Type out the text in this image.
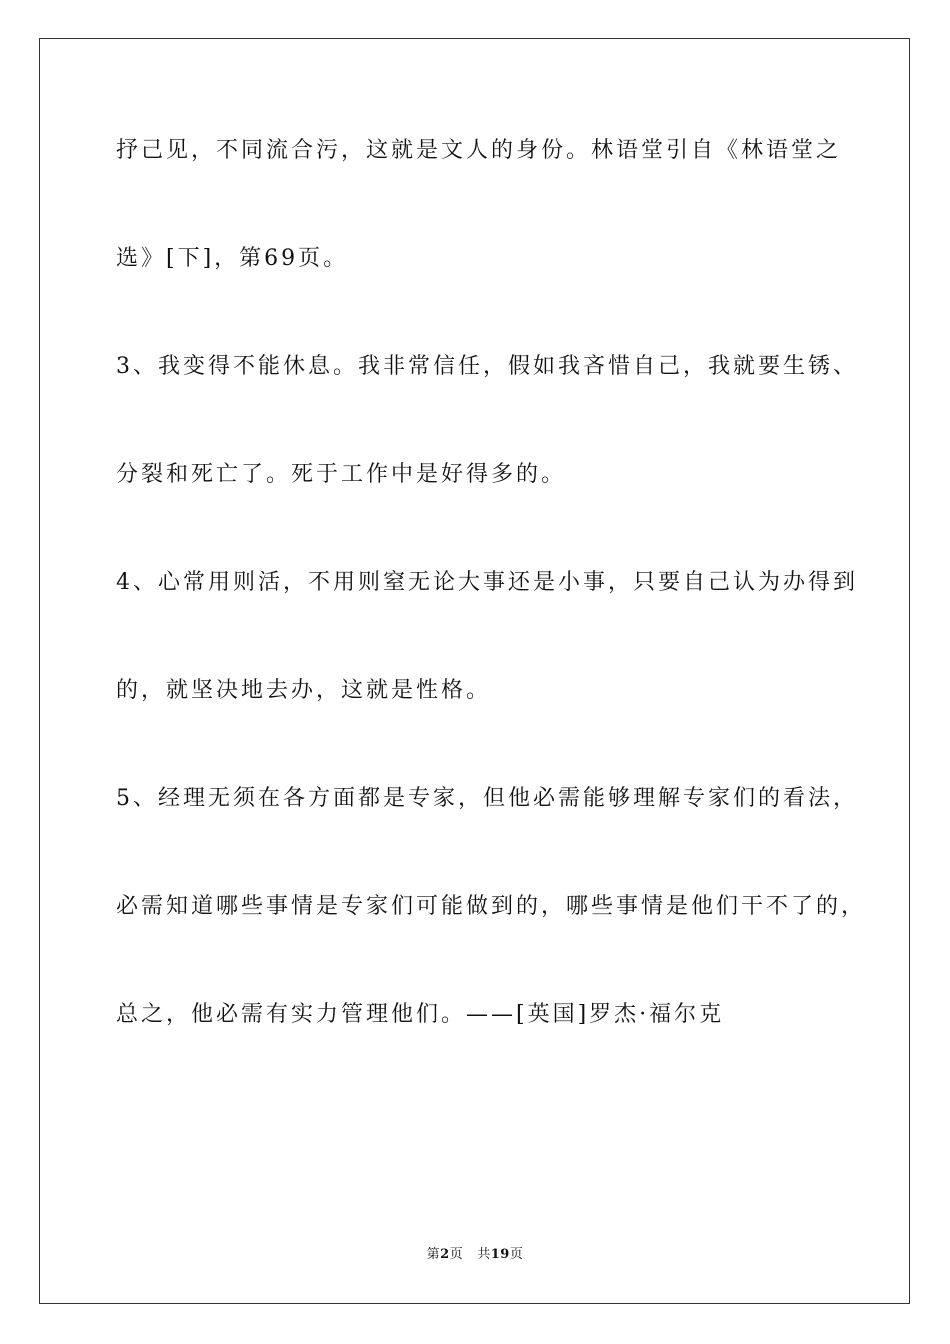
抒己见，不同流合污，这就是文人的身份。林语堂引自《林语堂之
选》[下]，第69页。
3、我变得不能休息。我非常信任，假如我吝惜自己，我就要生锈、
分裂和死亡了。死于工作中是好得多的。
4、心常用则活，不用则窒无论大事还是小事，只要自己认为办得到
的，就坚决地去办，这就是性格。
5、经理无须在各方面都是专家，但他必需能够理解专家们的看法，
必需知道哪些事情是专家们可能做到的，哪些事情是他们干不了的，
总之，他必需有实力管理他们。——[英国]罗杰·福尔克
第2页 共19页
